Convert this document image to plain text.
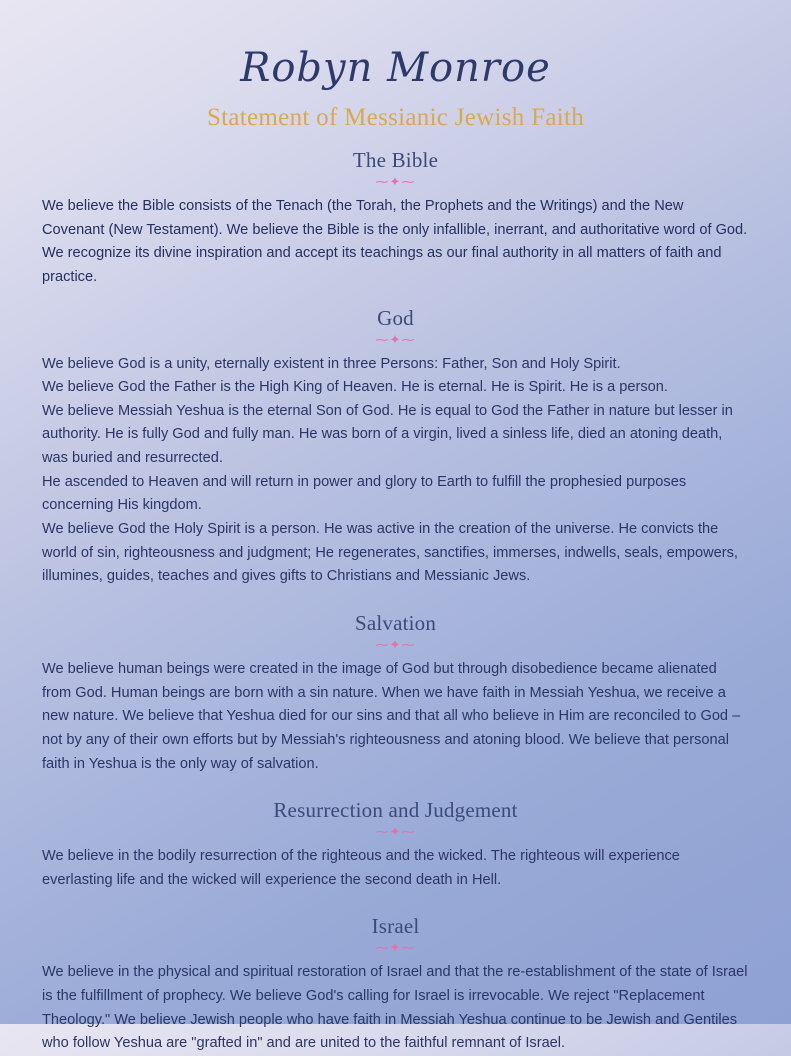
Robyn Monroe
Statement of Messianic Jewish Faith
The Bible
⁓✦⁓

We believe the Bible consists of the Tenach (the Torah, the Prophets and the Writings) and the New Covenant (New Testament). We believe the Bible is the only infallible, inerrant, and authoritative word of God. We recognize its divine inspiration and accept its teachings as our final authority in all matters of faith and practice.

God
⁓✦⁓

We believe God is a unity, eternally existent in three Persons: Father, Son and Holy Spirit.

We believe God the Father is the High King of Heaven. He is eternal. He is Spirit. He is a person.

We believe Messiah Yeshua is the eternal Son of God. He is equal to God the Father in nature but lesser in authority. He is fully God and fully man. He was born of a virgin, lived a sinless life, died an atoning death, was buried and resurrected.

He ascended to Heaven and will return in power and glory to Earth to fulfill the prophesied purposes concerning His kingdom.

We believe God the Holy Spirit is a person. He was active in the creation of the universe. He convicts the world of sin, righteousness and judgment; He regenerates, sanctifies, immerses, indwells, seals, empowers, illumines, guides, teaches and gives gifts to Christians and Messianic Jews.

Salvation
⁓✦⁓

We believe human beings were created in the image of God but through disobedience became alienated from God. Human beings are born with a sin nature. When we have faith in Messiah Yeshua, we receive a new nature. We believe that Yeshua died for our sins and that all who believe in Him are reconciled to God – not by any of their own efforts but by Messiah's righteousness and atoning blood. We believe that personal faith in Yeshua is the only way of salvation.

Resurrection and Judgement
⁓✦⁓

We believe in the bodily resurrection of the righteous and the wicked. The righteous will experience everlasting life and the wicked will experience the second death in Hell.

Israel
⁓✦⁓

We believe in the physical and spiritual restoration of Israel and that the re-establishment of the state of Israel is the fulfillment of prophecy. We believe God's calling for Israel is irrevocable. We reject "Replacement Theology." We believe Jewish people who have faith in Messiah Yeshua continue to be Jewish and Gentiles who follow Yeshua are "grafted in" and are united to the faithful remnant of Israel.
